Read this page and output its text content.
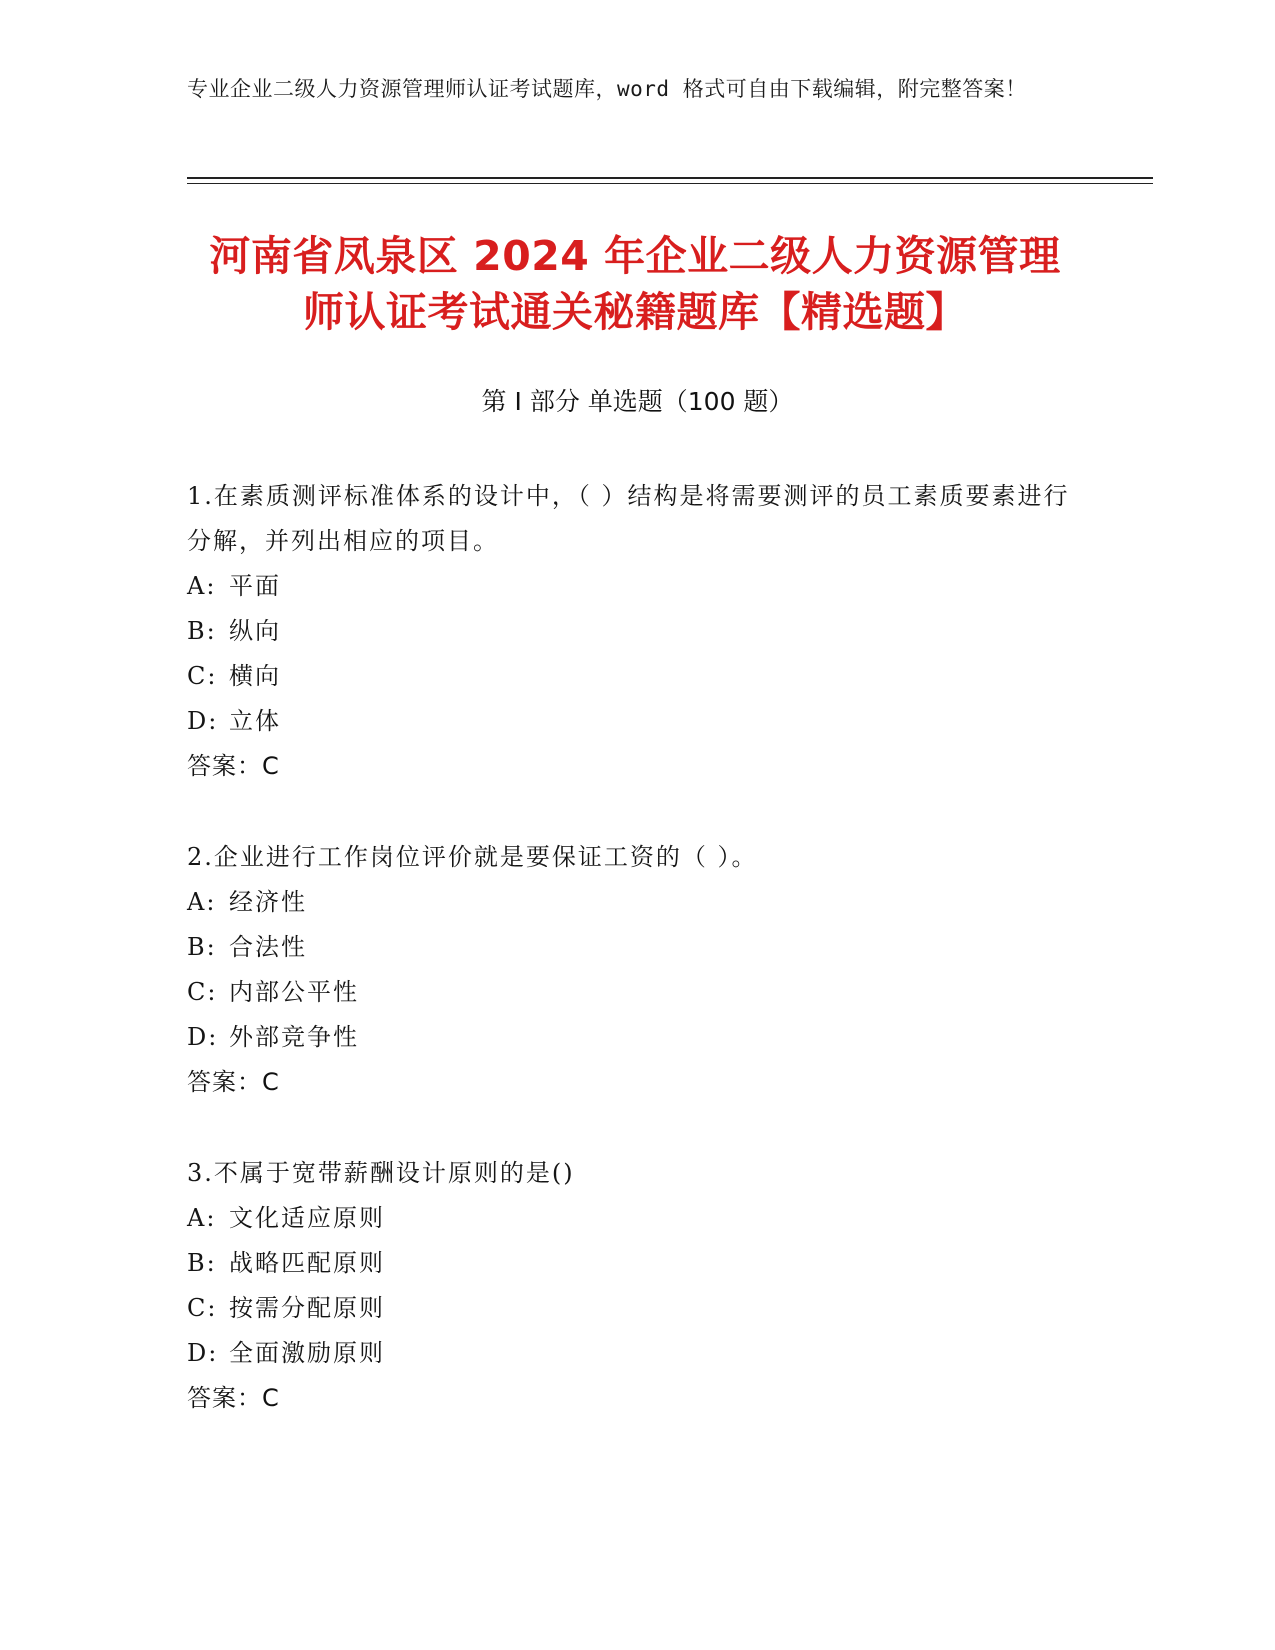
专业企业二级人力资源管理师认证考试题库，word 格式可自由下载编辑，附完整答案！
河南省凤泉区 2024 年企业二级人力资源管理
师认证考试通关秘籍题库【精选题】
第 I 部分 单选题（100 题）

1.在素质测评标准体系的设计中，（ ）结构是将需要测评的员工素质要素进行分解，并列出相应的项目。

A: 平面
B: 纵向
C: 横向
D: 立体
答案：C

2.企业进行工作岗位评价就是要保证工资的（ ）。

A: 经济性
B: 合法性
C: 内部公平性
D: 外部竞争性
答案：C

3.不属于宽带薪酬设计原则的是()

A: 文化适应原则
B: 战略匹配原则
C: 按需分配原则
D: 全面激励原则
答案：C
